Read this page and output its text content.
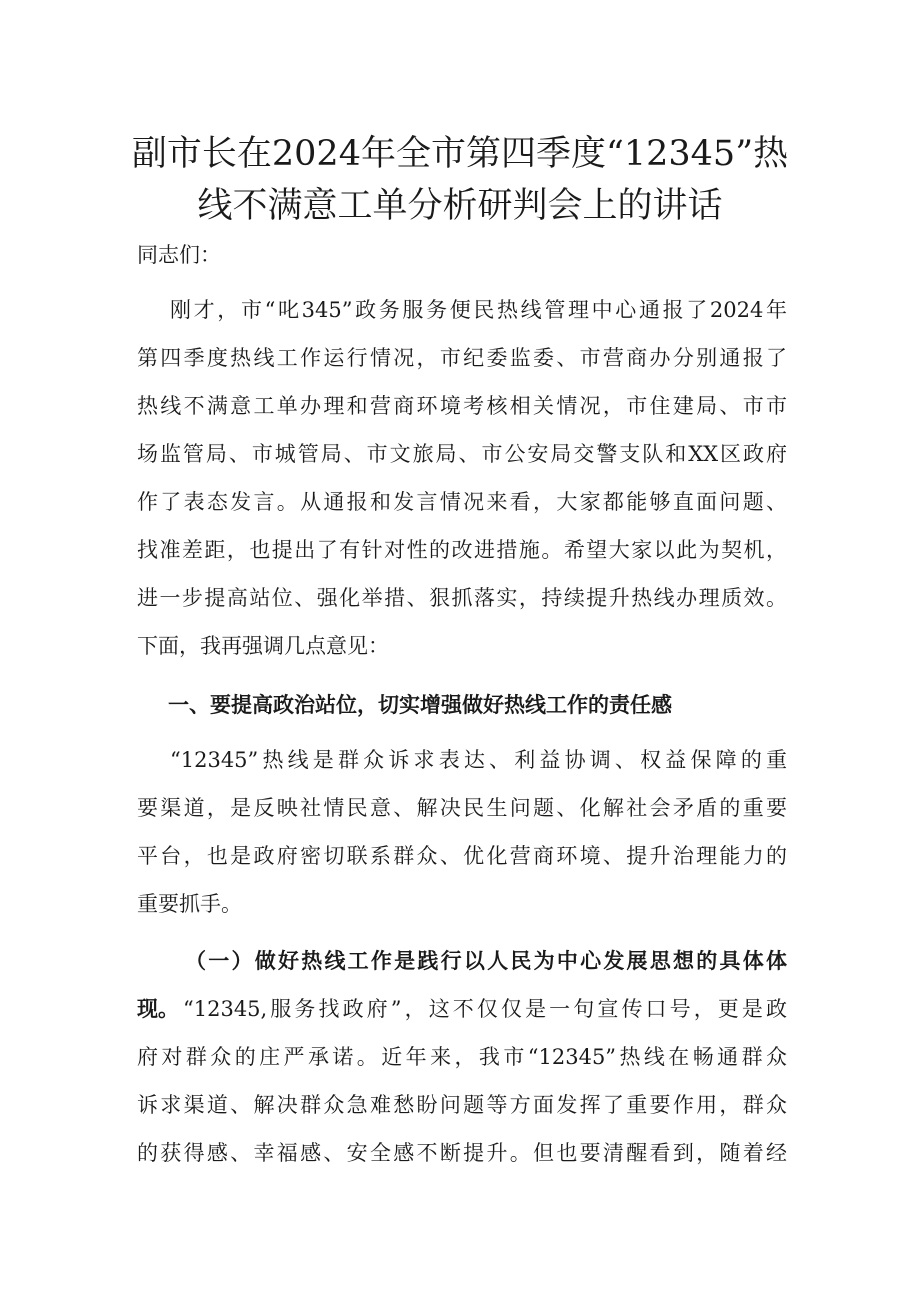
副市长在2024年全市第四季度“12345”热
线不满意工单分析研判会上的讲话
同志们：
刚才，市“叱345”政务服务便民热线管理中心通报了2024年
第四季度热线工作运行情况，市纪委监委、市营商办分别通报了
热线不满意工单办理和营商环境考核相关情况，市住建局、市市
场监管局、市城管局、市文旅局、市公安局交警支队和XX区政府
作了表态发言。从通报和发言情况来看，大家都能够直面问题、
找准差距，也提出了有针对性的改进措施。希望大家以此为契机，
进一步提高站位、强化举措、狠抓落实，持续提升热线办理质效。
下面，我再强调几点意见：
一、要提高政治站位，切实增强做好热线工作的责任感
“12345”热线是群众诉求表达、利益协调、权益保障的重
要渠道，是反映社情民意、解决民生问题、化解社会矛盾的重要
平台，也是政府密切联系群众、优化营商环境、提升治理能力的
重要抓手。
（一）做好热线工作是践行以人民为中心发展思想的具体体
现。 “12345,服务找政府”，这不仅仅是一句宣传口号，更是政
府对群众的庄严承诺。近年来，我市“12345”热线在畅通群众
诉求渠道、解决群众急难愁盼问题等方面发挥了重要作用，群众
的获得感、幸福感、安全感不断提升。但也要清醒看到，随着经
